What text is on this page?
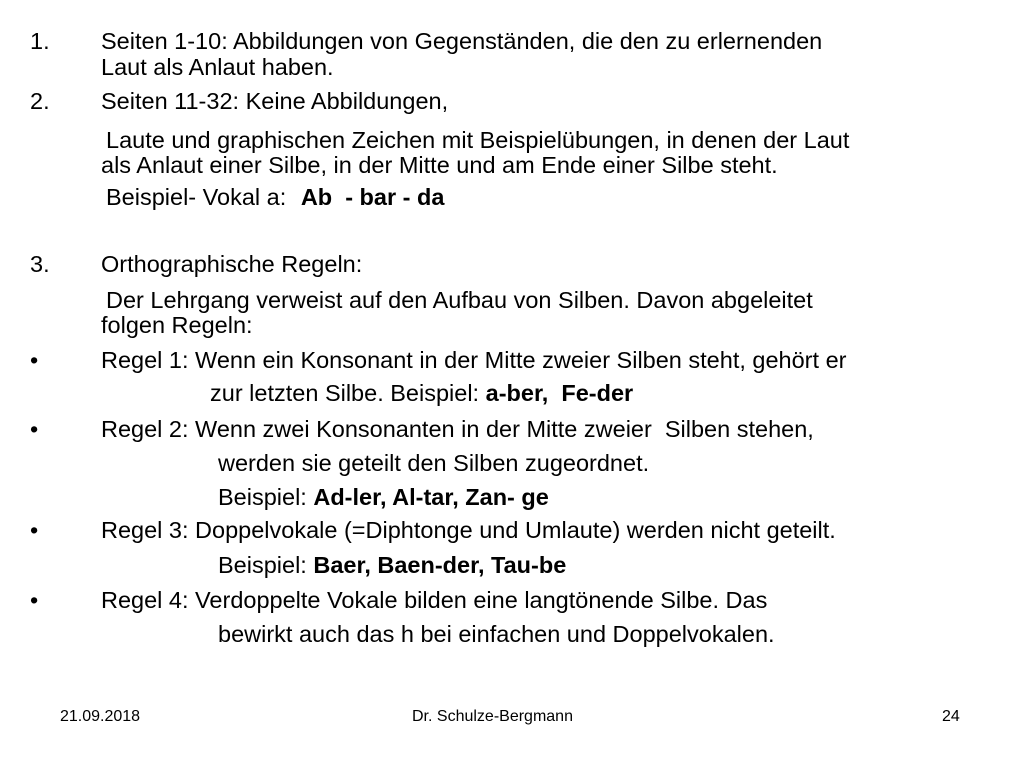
1. Seiten 1-10: Abbildungen von Gegenständen, die den zu erlernenden
Laut als Anlaut haben.
2. Seiten 11-32: Keine Abbildungen,
Laute und graphischen Zeichen mit Beispielübungen, in denen der Laut
als Anlaut einer Silbe, in der Mitte und am Ende einer Silbe steht.
Beispiel- Vokal a: Ab  - bar - da
3. Orthographische Regeln:
Der Lehrgang verweist auf den Aufbau von Silben. Davon abgeleitet
folgen Regeln:
•	Regel 1: Wenn ein Konsonant in der Mitte zweier Silben steht, gehört er
zur letzten Silbe. Beispiel: a-ber,  Fe-der
•	Regel 2: Wenn zwei Konsonanten in der Mitte zweier  Silben stehen,
werden sie geteilt den Silben zugeordnet.
Beispiel: Ad-ler, Al-tar, Zan- ge
•	Regel 3: Doppelvokale (=Diphtonge und Umlaute) werden nicht geteilt.
Beispiel: Baer, Baen-der, Tau-be
•	Regel 4: Verdoppelte Vokale bilden eine langtönende Silbe. Das
bewirkt auch das h bei einfachen und Doppelvokalen.
21.09.2018	Dr. Schulze-Bergmann	24
